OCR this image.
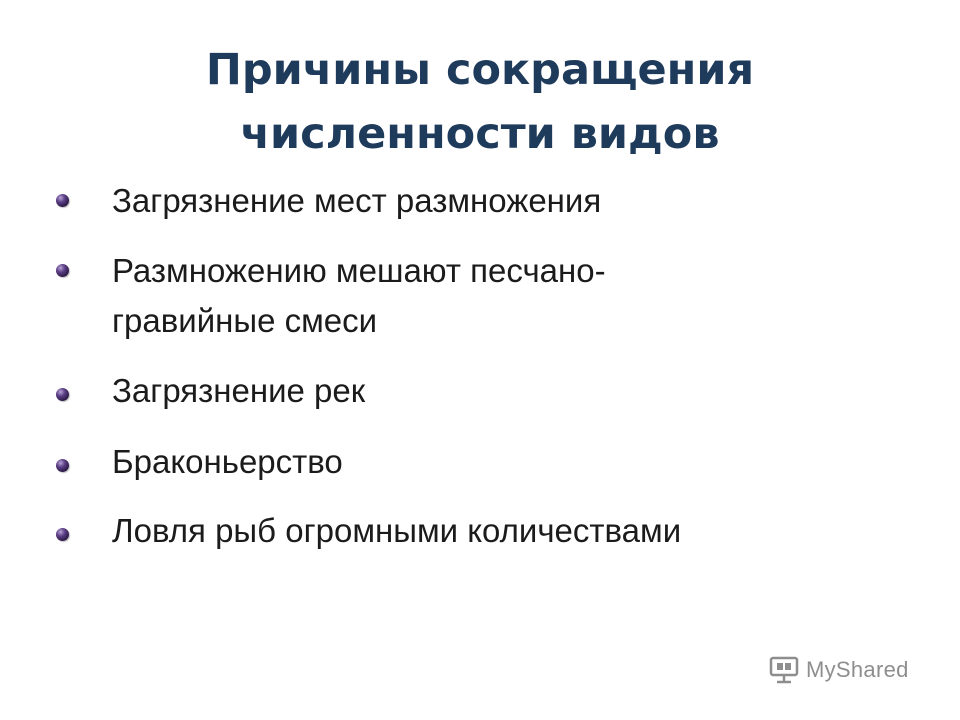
Причины сокращения
численности видов
Загрязнение мест размножения
Размножению мешают песчано-
гравийные смеси
Загрязнение рек
Браконьерство
Ловля рыб огромными количествами
MyShared
